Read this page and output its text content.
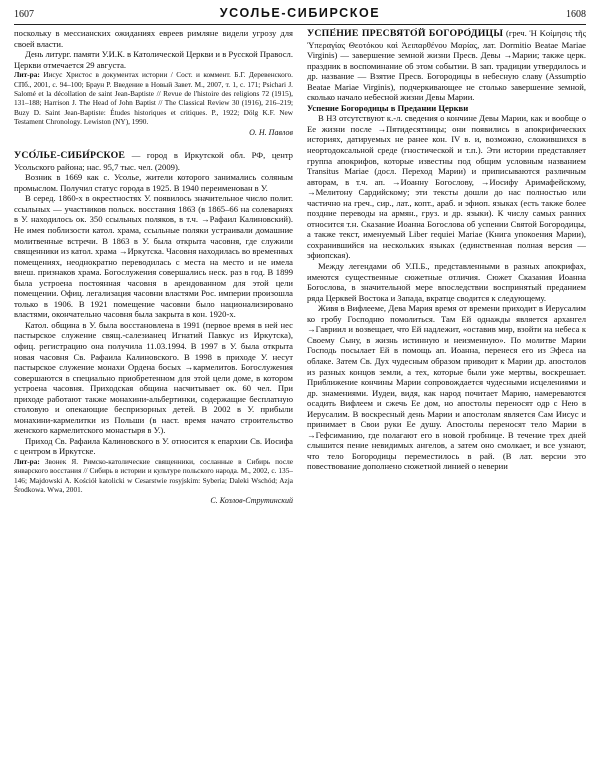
1607	УСОЛЬЕ-СИБИРСКОЕ	1608

поскольку в мессианских ожиданиях евреев римляне видели угрозу для своей власти.

День литург. памяти У.И.К. в Католической Церкви и в Русской Правосл. Церкви отмечается 29 августа.

Лит-ра: Иисус Христос в документах истории / Сост. и коммент. Б.Г. Деревенского. СПб., 2001, с. 94–100; Браун Р. Введение в Новый Завет. М., 2007, т. 1, с. 171; Psichari J. Salomé et la décollation de saint Jean-Baptiste // Revue de l'histoire des religions 72 (1915), 131–188; Harrison J. The Head of John Baptist // The Classical Review 30 (1916), 216–219; Buzy D. Saint Jean-Baptiste: Études historiques et critiques. P., 1922; Dölg K.F. New Testament Chronology. Lewiston (NY), 1990.

О. Н. Павлов

УСО́ЛЬЕ-СИБИ́РСКОЕ — город в Иркутской обл. РФ, центр Усольского района; нас. 95,7 тыс. чел. (2009).

Возник в 1669 как с. Усолье, жители которого занимались соляным промыслом. Получил статус города в 1925. В 1940 переименован в У.

В серед. 1860-х в окрестностях У. появилось значительное число полит. ссыльных — участников польск. восстания 1863 (в 1865–66 на солеварнях в У. находилось ок. 350 ссыльных поляков, в т.ч. →Рафаил Калиновский). Не имея поблизости катол. храма, ссыльные поляки устраивали домашние молитвенные встречи. В 1863 в У. была открыта часовня, где служили священники из катол. храма →Иркутска. Часовня находилась во временных помещениях, неоднократно переводилась с места на место и не имела внеш. признаков храма. Богослужения совершались неск. раз в год. В 1899 была устроена постоянная часовня в арендованном для этой цели помещении. Офиц. легализация часовни властями Рос. империи произошла только в 1906. В 1921 помещение часовни было национализировано властями, окончательно часовня была закрыта в кон. 1920-х.

Катол. община в У. была восстановлена в 1991 (первое время в ней нес пастырское служение свящ.-салезианец Игнатий Павкус из Иркутска), офиц. регистрацию она получила 11.03.1994. В 1997 в У. была открыта новая часовня Св. Рафаила Калиновского. В 1998 в приходе У. несут пастырское служение монахи Ордена босых →кармелитов. Богослужения совершаются в специально приобретенном для этой цели доме, в котором устроена часовня. Приходская община насчитывает ок. 60 чел. При приходе работают также монахини-альбертинки, содержащие бесплатную столовую и опекающие беспризорных детей. В 2002 в У. прибыли монахини-кармелитки из Польши (в наст. время начато строительство женского кармелитского монастыря в У.).

Приход Св. Рафаила Калиновского в У. относится к епархии Св. Иосифа с центром в Иркутске.

Лит-ра: Звонек Я. Римско-католические священники, сосланные в Сибирь после январского восстания // Сибирь в истории и культуре польского народа. М., 2002, с. 135–146; Majdowski A. Kościół katolicki w Cesarstwie rosyjskim: Syberia; Daleki Wschód; Azja Środkowa. Wwa, 2001.

С. Козлов-Струтинский

УСПЕ́НИЕ ПРЕСВЯТО́Й БОГОРО́ДИЦЫ (греч. Ἡ Κοίμησις τῆς Ὑπεραγίας Θεοτόκου καὶ Ἀειπαρθένου Μαρίας, лат. Dormitio Beatae Mariae Virginis) — завершение земной жизни Пресв. Девы →Марии; также церк. праздник в воспоминание об этом событии. В зап. традиции утвердилось и др. название — Взятие Пресв. Богородицы в небесную славу (Assumptio Beatae Mariae Virginis), подчеркивающее не столько завершение земной, сколько начало небесной жизни Девы Марии.

Успение Богородицы в Предании Церкви

В НЗ отсутствуют к.-л. сведения о кончине Девы Марии, как и вообще о Ее жизни после →Пятидесятницы; они появились в апокрифических историях, датируемых не ранее кон. IV в. и, возможно, сложившихся в неортодоксальной среде (гностической и т.п.). Эти истории представляет группа апокрифов, которые известны под общим условным названием Transitus Mariae (досл. Переход Марии) и приписываются различным авторам, в т.ч. ап. →Иоанну Богослову, →Иосифу Аримафейскому, →Мелитону Сардийскому; эти тексты дошли до нас полностью или частично на греч., сир., лат., копт., араб. и эфиоп. языках (есть также более поздние переводы на армян., груз. и др. языки). К числу самых ранних относится т.н. Сказание Иоанна Богослова об успении Святой Богородицы, а также текст, именуемый Liber requiei Mariae (Книга упокоения Марии), сохранившийся на нескольких языках (единственная полная версия — эфиопская).

Между легендами об У.П.Б., представленными в разных апокрифах, имеются существенные сюжетные отличия. Сюжет Сказания Иоанна Богослова, в значительной мере впоследствии воспринятый преданием ряда Церквей Востока и Запада, вкратце сводится к следующему.

Живя в Вифлееме, Дева Мария время от времени приходит в Иерусалим ко гробу Господню помолиться. Там Ей однажды является архангел →Гавриил и возвещает, что Ей надлежит, «оставив мир, взойти на небеса к Своему Сыну, в жизнь истинную и неизменную». По молитве Марии Господь посылает Ей в помощь ап. Иоанна, перенеся его из Эфеса на облаке. Затем Св. Дух чудесным образом приводит к Марии др. апостолов из разных концов земли, а тех, которые были уже мертвы, воскрешает. Приближение кончины Марии сопровождается чудесными исцелениями и др. знамениями. Иудеи, видя, как народ почитает Марию, намереваются осадить Вифлеем и сжечь Ее дом, но апостолы переносят одр с Нею в Иерусалим. В воскресный день Марии и апостолам является Сам Иисус и принимает в Свои руки Ее душу. Апостолы переносят тело Марии в →Гефсиманию, где полагают его в новой гробнице. В течение трех дней слышится пение невидимых ангелов, а затем оно смолкает, и все узнают, что тело Богородицы переместилось в рай. (В лат. версии это повествование дополнено сюжетной линией о неверии
